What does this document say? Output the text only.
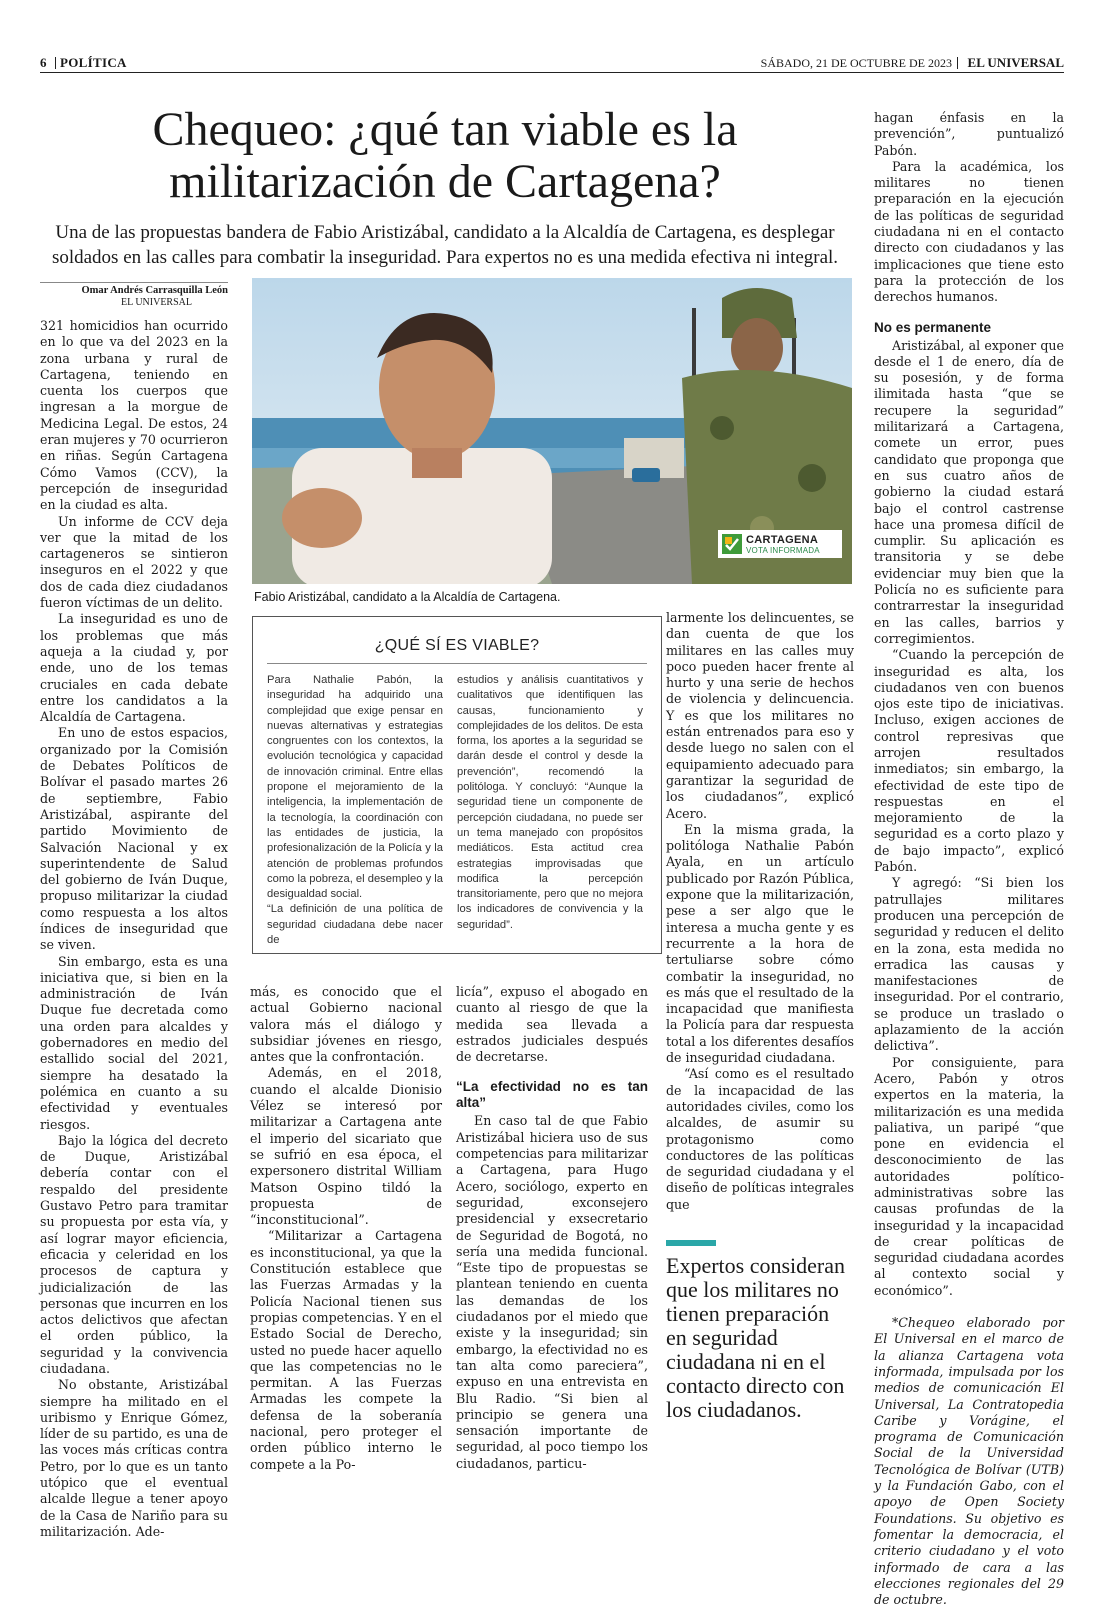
6 POLÍTICA	SÁBADO, 21 DE OCTUBRE DE 2023 EL UNIVERSAL
Chequeo: ¿qué tan viable es la militarización de Cartagena?
Una de las propuestas bandera de Fabio Aristizábal, candidato a la Alcaldía de Cartagena, es desplegar soldados en las calles para combatir la inseguridad. Para expertos no es una medida efectiva ni integral.
Omar Andrés Carrasquilla León
EL UNIVERSAL
CARTAGENA
VOTA INFORMADA
Fabio Aristizábal, candidato a la Alcaldía de Cartagena.

321 homicidios han ocurrido en lo que va del 2023 en la zona urbana y rural de Cartagena, teniendo en cuenta los cuerpos que ingresan a la morgue de Medicina Legal. De estos, 24 eran mujeres y 70 ocurrieron en riñas. Según Cartagena Cómo Vamos (CCV), la percepción de inseguridad en la ciudad es alta.

Un informe de CCV deja ver que la mitad de los cartageneros se sintieron inseguros en el 2022 y que dos de cada diez ciudadanos fueron víctimas de un delito.

La inseguridad es uno de los problemas que más aqueja a la ciudad y, por ende, uno de los temas cruciales en cada debate entre los candidatos a la Alcaldía de Cartagena.

En uno de estos espacios, organizado por la Comisión de Debates Políticos de Bolívar el pasado martes 26 de septiembre, Fabio Aristizábal, aspirante del partido Movimiento de Salvación Nacional y ex superintendente de Salud del gobierno de Iván Duque, propuso militarizar la ciudad como respuesta a los altos índices de inseguridad que se viven.

Sin embargo, esta es una iniciativa que, si bien en la administración de Iván Duque fue decretada como una orden para alcaldes y gobernadores en medio del estallido social del 2021, siempre ha desatado la polémica en cuanto a su efectividad y eventuales riesgos.

Bajo la lógica del decreto de Duque, Aristizábal debería contar con el respaldo del presidente Gustavo Petro para tramitar su propuesta por esta vía, y así lograr mayor eficiencia, eficacia y celeridad en los procesos de captura y judicialización de las personas que incurren en los actos delictivos que afectan el orden público, la seguridad y la convivencia ciudadana.

No obstante, Aristizábal siempre ha militado en el uribismo y Enrique Gómez, líder de su partido, es una de las voces más críticas contra Petro, por lo que es un tanto utópico que el eventual alcalde llegue a tener apoyo de la Casa de Nariño para su militarización. Ade-

¿QUÉ SÍ ES VIABLE?

Para Nathalie Pabón, la inseguridad ha adquirido una complejidad que exige pensar en nuevas alternativas y estrategias congruentes con los contextos, la evolución tecnológica y capacidad de innovación criminal. Entre ellas propone el mejoramiento de la inteligencia, la implementación de la tecnología, la coordinación con las entidades de justicia, la profesionalización de la Policía y la atención de problemas profundos como la pobreza, el desempleo y la desigualdad social.

“La definición de una política de seguridad ciudadana debe nacer de

estudios y análisis cuantitativos y cualitativos que identifiquen las causas, funcionamiento y complejidades de los delitos. De esta forma, los aportes a la seguridad se darán desde el control y desde la prevención”, recomendó la politóloga. Y concluyó: “Aunque la seguridad tiene un componente de percepción ciudadana, no puede ser un tema manejado con propósitos mediáticos. Esta actitud crea estrategias improvisadas que modifica la percepción transitoriamente, pero que no mejora los indicadores de convivencia y la seguridad”.

más, es conocido que el actual Gobierno nacional valora más el diálogo y subsidiar jóvenes en riesgo, antes que la confrontación.

Además, en el 2018, cuando el alcalde Dionisio Vélez se interesó por militarizar a Cartagena ante el imperio del sicariato que se sufrió en esa época, el expersonero distrital William Matson Ospino tildó la propuesta de “inconstitucional”.

“Militarizar a Cartagena es inconstitucional, ya que la Constitución establece que las Fuerzas Armadas y la Policía Nacional tienen sus propias competencias. Y en el Estado Social de Derecho, usted no puede hacer aquello que las competencias no le permitan. A las Fuerzas Armadas les compete la defensa de la soberanía nacional, pero proteger el orden público interno le compete a la Po-

licía”, expuso el abogado en cuanto al riesgo de que la medida sea llevada a estrados judiciales después de decretarse.

“La efectividad no es tan alta”

En caso tal de que Fabio Aristizábal hiciera uso de sus competencias para militarizar a Cartagena, para Hugo Acero, sociólogo, experto en seguridad, exconsejero presidencial y exsecretario de Seguridad de Bogotá, no sería una medida funcional. “Este tipo de propuestas se plantean teniendo en cuenta las demandas de los ciudadanos por el miedo que existe y la inseguridad; sin embargo, la efectividad no es tan alta como pareciera”, expuso en una entrevista en Blu Radio. “Si bien al principio se genera una sensación importante de seguridad, al poco tiempo los ciudadanos, particu-

larmente los delincuentes, se dan cuenta de que los militares en las calles muy poco pueden hacer frente al hurto y una serie de hechos de violencia y delincuencia. Y es que los militares no están entrenados para eso y desde luego no salen con el equipamiento adecuado para garantizar la seguridad de los ciudadanos”, explicó Acero.

En la misma grada, la politóloga Nathalie Pabón Ayala, en un artículo publicado por Razón Pública, expone que la militarización, pese a ser algo que le interesa a mucha gente y es recurrente a la hora de tertuliarse sobre cómo combatir la inseguridad, no es más que el resultado de la incapacidad que manifiesta la Policía para dar respuesta total a los diferentes desafíos de inseguridad ciudadana.

“Así como es el resultado de la incapacidad de las autoridades civiles, como los alcaldes, de asumir su protagonismo como conductores de las políticas de seguridad ciudadana y el diseño de políticas integrales que

Expertos consideran que los militares no tienen preparación en seguridad ciudadana ni en el contacto directo con los ciudadanos.

hagan énfasis en la prevención”, puntualizó Pabón.

Para la académica, los militares no tienen preparación en la ejecución de las políticas de seguridad ciudadana ni en el contacto directo con ciudadanos y las implicaciones que tiene esto para la protección de los derechos humanos.

No es permanente

Aristizábal, al exponer que desde el 1 de enero, día de su posesión, y de forma ilimitada hasta “que se recupere la seguridad” militarizará a Cartagena, comete un error, pues candidato que proponga que en sus cuatro años de gobierno la ciudad estará bajo el control castrense hace una promesa difícil de cumplir. Su aplicación es transitoria y se debe evidenciar muy bien que la Policía no es suficiente para contrarrestar la inseguridad en las calles, barrios y corregimientos.

“Cuando la percepción de inseguridad es alta, los ciudadanos ven con buenos ojos este tipo de iniciativas. Incluso, exigen acciones de control represivas que arrojen resultados inmediatos; sin embargo, la efectividad de este tipo de respuestas en el mejoramiento de la seguridad es a corto plazo y de bajo impacto”, explicó Pabón.

Y agregó: “Si bien los patrullajes militares producen una percepción de seguridad y reducen el delito en la zona, esta medida no erradica las causas y manifestaciones de inseguridad. Por el contrario, se produce un traslado o aplazamiento de la acción delictiva”.

Por consiguiente, para Acero, Pabón y otros expertos en la materia, la militarización es una medida paliativa, un paripé “que pone en evidencia el desconocimiento de las autoridades político-administrativas sobre las causas profundas de la inseguridad y la incapacidad de crear políticas de seguridad ciudadana acordes al contexto social y económico”.

*Chequeo elaborado por El Universal en el marco de la alianza Cartagena vota informada, impulsada por los medios de comunicación El Universal, La Contratopedia Caribe y Vorágine, el programa de Comunicación Social de la Universidad Tecnológica de Bolívar (UTB) y la Fundación Gabo, con el apoyo de Open Society Foundations. Su objetivo es fomentar la democracia, el criterio ciudadano y el voto informado de cara a las elecciones regionales del 29 de octubre.
